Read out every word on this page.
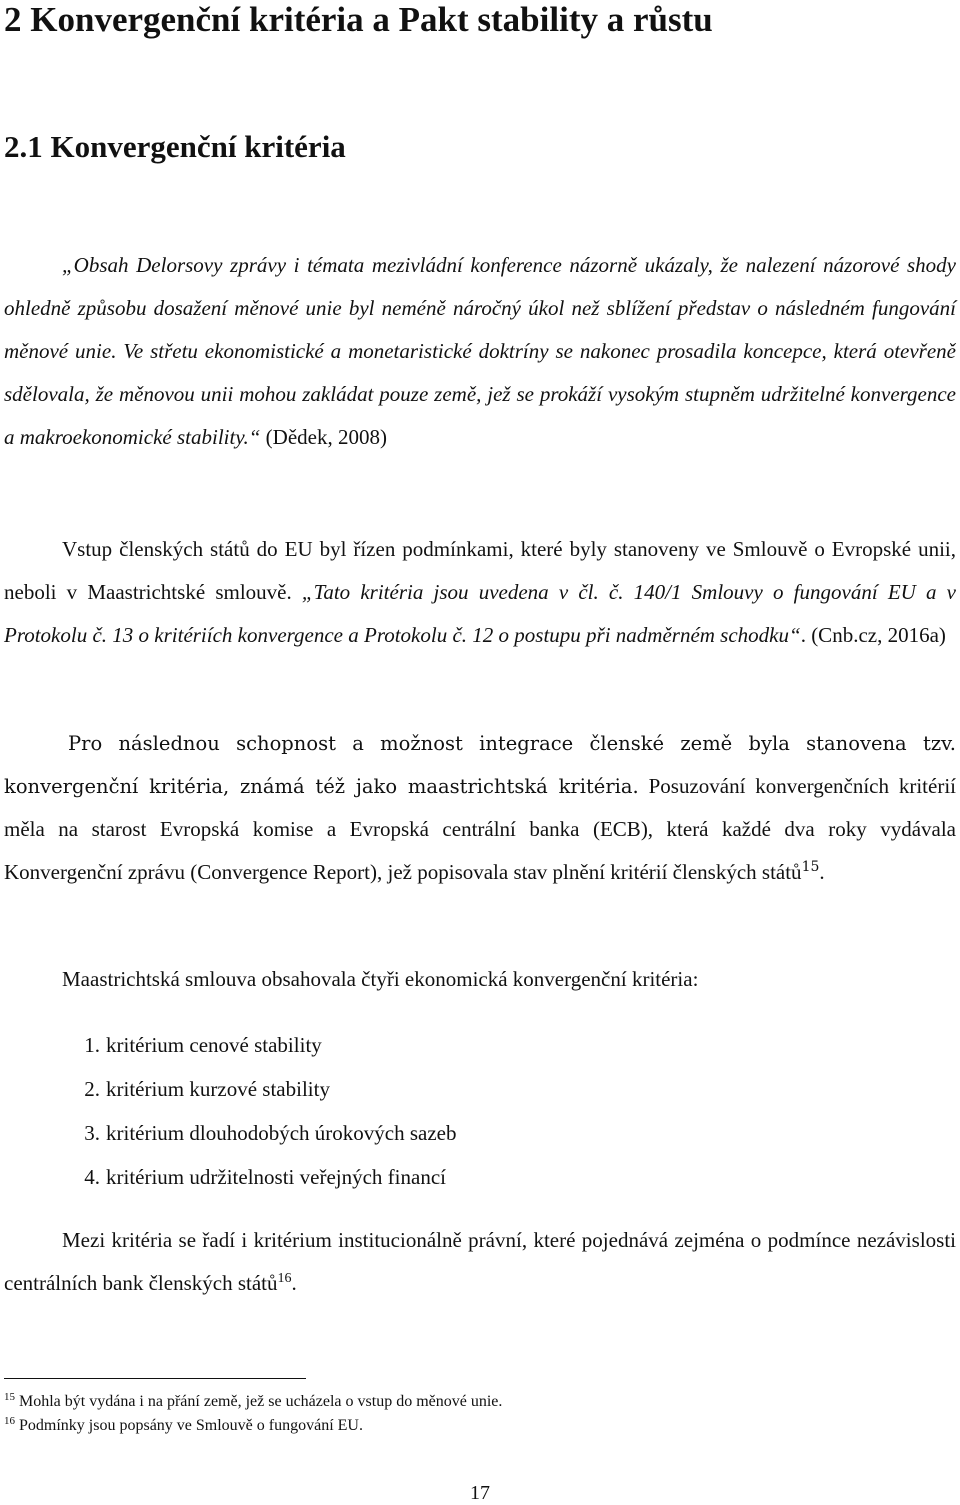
2 Konvergenční kritéria a Pakt stability a růstu
2.1 Konvergenční kritéria

„Obsah Delorsovy zprávy i témata mezivládní konference názorně ukázaly, že nalezení názorové shody ohledně způsobu dosažení měnové unie byl neméně náročný úkol než sblížení představ o následném fungování měnové unie. Ve střetu ekonomistické a monetaristické doktríny se nakonec prosadila koncepce, která otevřeně sdělovala, že měnovou unii mohou zakládat pouze země, jež se prokáží vysokým stupněm udržitelné konvergence a makroekonomické stability.“ (Dědek, 2008)

Vstup členských států do EU byl řízen podmínkami, které byly stanoveny ve Smlouvě o Evropské unii, neboli v Maastrichtské smlouvě. „Tato kritéria jsou uvedena v čl. č. 140/1 Smlouvy o fungování EU a v Protokolu č. 13 o kritériích konvergence a Protokolu č. 12 o postupu při nadměrném schodku“. (Cnb.cz, 2016a)

Pro následnou schopnost a možnost integrace členské země byla stanovena tzv. konvergenční kritéria, známá též jako maastrichtská kritéria. Posuzování konvergenčních kritérií měla na starost Evropská komise a Evropská centrální banka (ECB), která každé dva roky vydávala Konvergenční zprávu (Convergence Report), jež popisovala stav plnění kritérií členských států$^{15}$.

Maastrichtská smlouva obsahovala čtyři ekonomická konvergenční kritéria:

1. kritérium cenové stability
2. kritérium kurzové stability
3. kritérium dlouhodobých úrokových sazeb
4. kritérium udržitelnosti veřejných financí

Mezi kritéria se řadí i kritérium institucionálně právní, které pojednává zejména o podmínce nezávislosti centrálních bank členských států$^{16}$.

$^{15}$ Mohla být vydána i na přání země, jež se ucházela o vstup do měnové unie.

$^{16}$ Podmínky jsou popsány ve Smlouvě o fungování EU.

17
